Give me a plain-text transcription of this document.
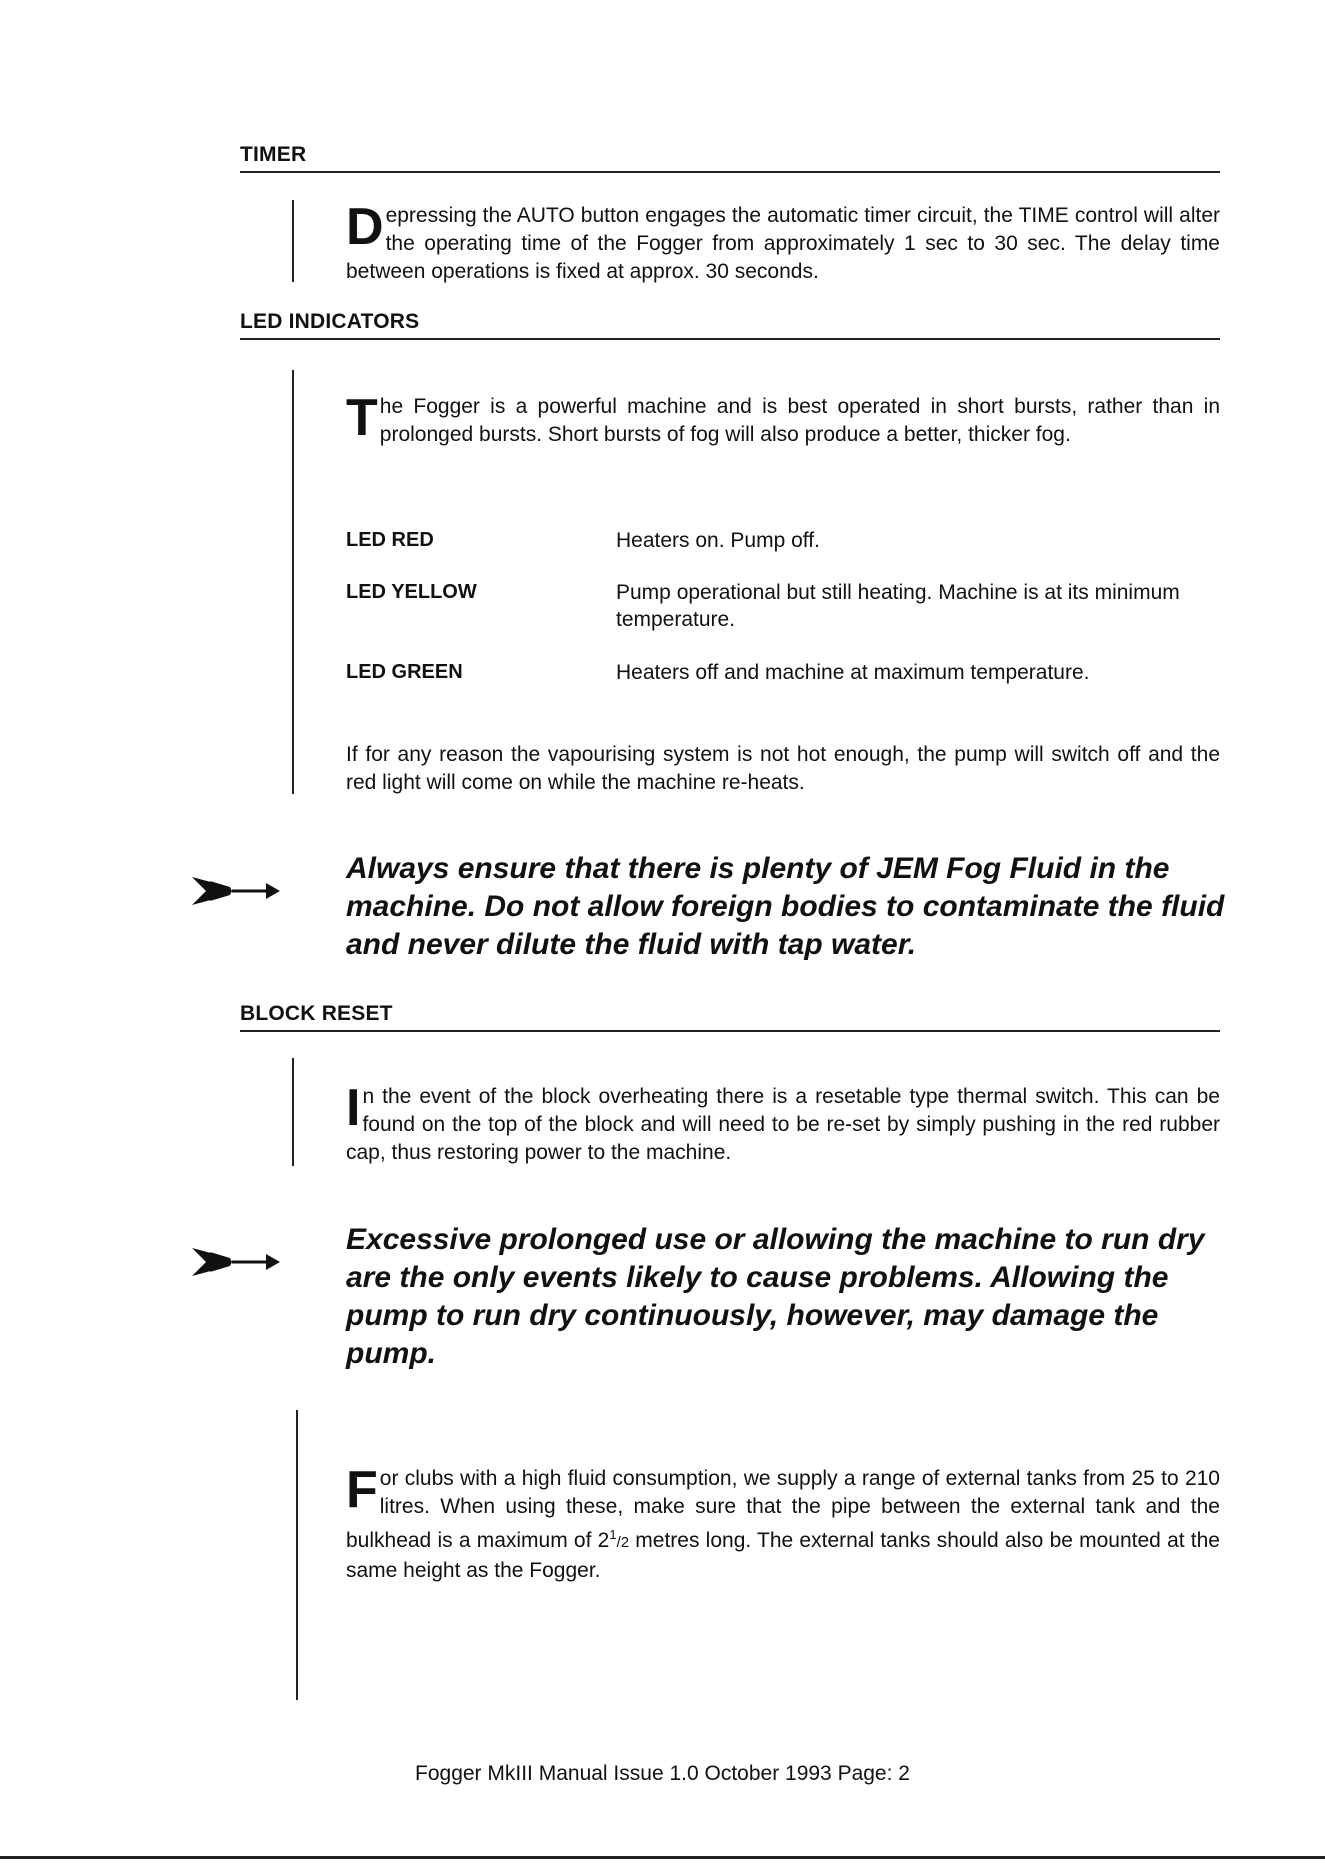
TIMER
Depressing the AUTO button engages the automatic timer circuit, the TIME control will alter the operating time of the Fogger from approximately 1 sec to 30 sec. The delay time between operations is fixed at approx. 30 seconds.
LED INDICATORS
The Fogger is a powerful machine and is best operated in short bursts, rather than in prolonged bursts. Short bursts of fog will also produce a better, thicker fog.
LED RED	Heaters on. Pump off.
LED YELLOW	Pump operational but still heating. Machine is at its minimum temperature.
LED GREEN	Heaters off and machine at maximum temperature.
If for any reason the vapourising system is not hot enough, the pump will switch off and the red light will come on while the machine re-heats.
Always ensure that there is plenty of JEM Fog Fluid in the machine. Do not allow foreign bodies to contaminate the fluid and never dilute the fluid with tap water.
BLOCK RESET
In the event of the block overheating there is a resetable type thermal switch. This can be found on the top of the block and will need to be re-set by simply pushing in the red rubber cap, thus restoring power to the machine.
Excessive prolonged use or allowing the machine to run dry are the only events likely to cause problems. Allowing the pump to run dry continuously, however, may damage the pump.
For clubs with a high fluid consumption, we supply a range of external tanks from 25 to 210 litres. When using these, make sure that the pipe between the external tank and the bulkhead is a maximum of $2^1/2$ metres long. The external tanks should also be mounted at the same height as the Fogger.
Fogger MkIII Manual Issue 1.0 October 1993 Page: 2
